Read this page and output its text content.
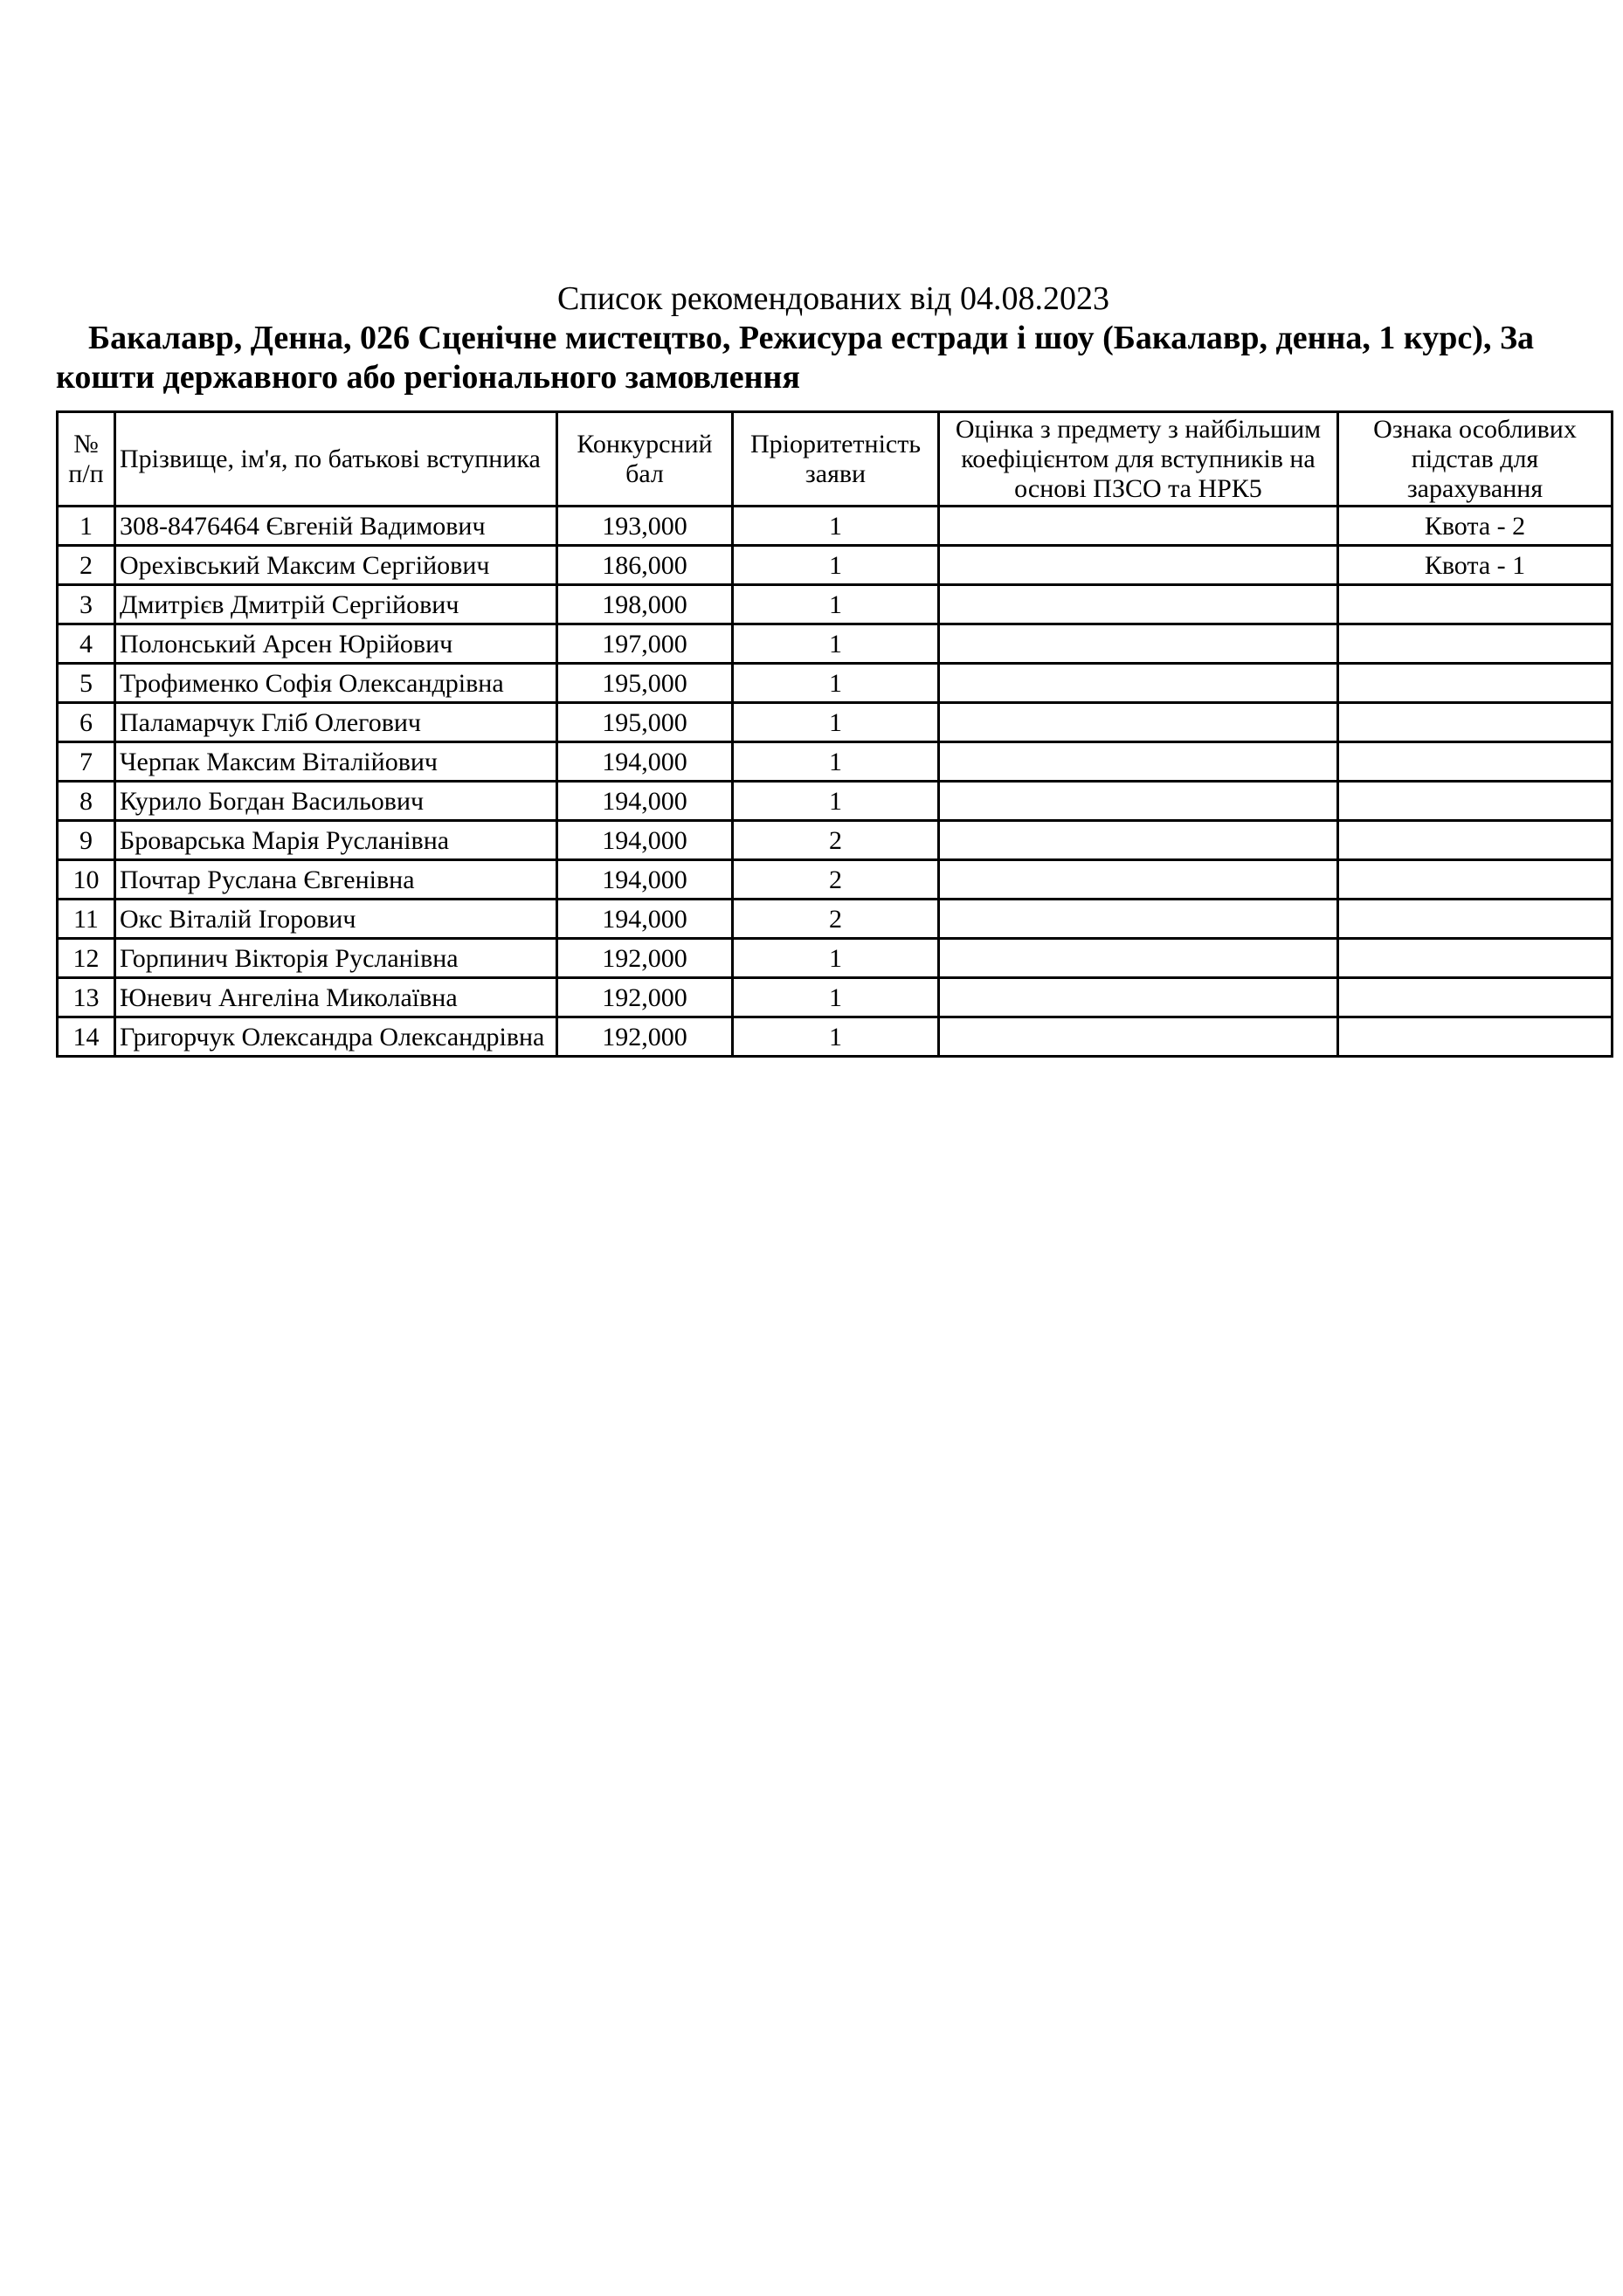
Список рекомендованих від 04.08.2023
Бакалавр, Денна, 026 Сценічне мистецтво, Режисура естради і шоу (Бакалавр, денна, 1 курс), За
кошти державного або регіонального замовлення
№ п/п	Прізвище, ім'я, по батькові вступника	Конкурсний бал	Пріоритетність заяви	Оцінка з предмету з найбільшим коефіцієнтом для вступників на основі ПЗСО та НРК5	Ознака особливих підстав для зарахування
1	308-8476464 Євгеній Вадимович	193,000	1		Квота - 2
2	Орехівський Максим Сергійович	186,000	1		Квота - 1
3	Дмитрієв Дмитрій Сергійович	198,000	1		
4	Полонський Арсен Юрійович	197,000	1		
5	Трофименко Софія Олександрівна	195,000	1		
6	Паламарчук Гліб Олегович	195,000	1		
7	Черпак Максим Віталійович	194,000	1		
8	Курило Богдан Васильович	194,000	1		
9	Броварська Марія Русланівна	194,000	2		
10	Почтар Руслана Євгенівна	194,000	2		
11	Окс Віталій Ігорович	194,000	2		
12	Горпинич Вікторія Русланівна	192,000	1		
13	Юневич Ангеліна Миколаївна	192,000	1		
14	Григорчук Олександра Олександрівна	192,000	1		
